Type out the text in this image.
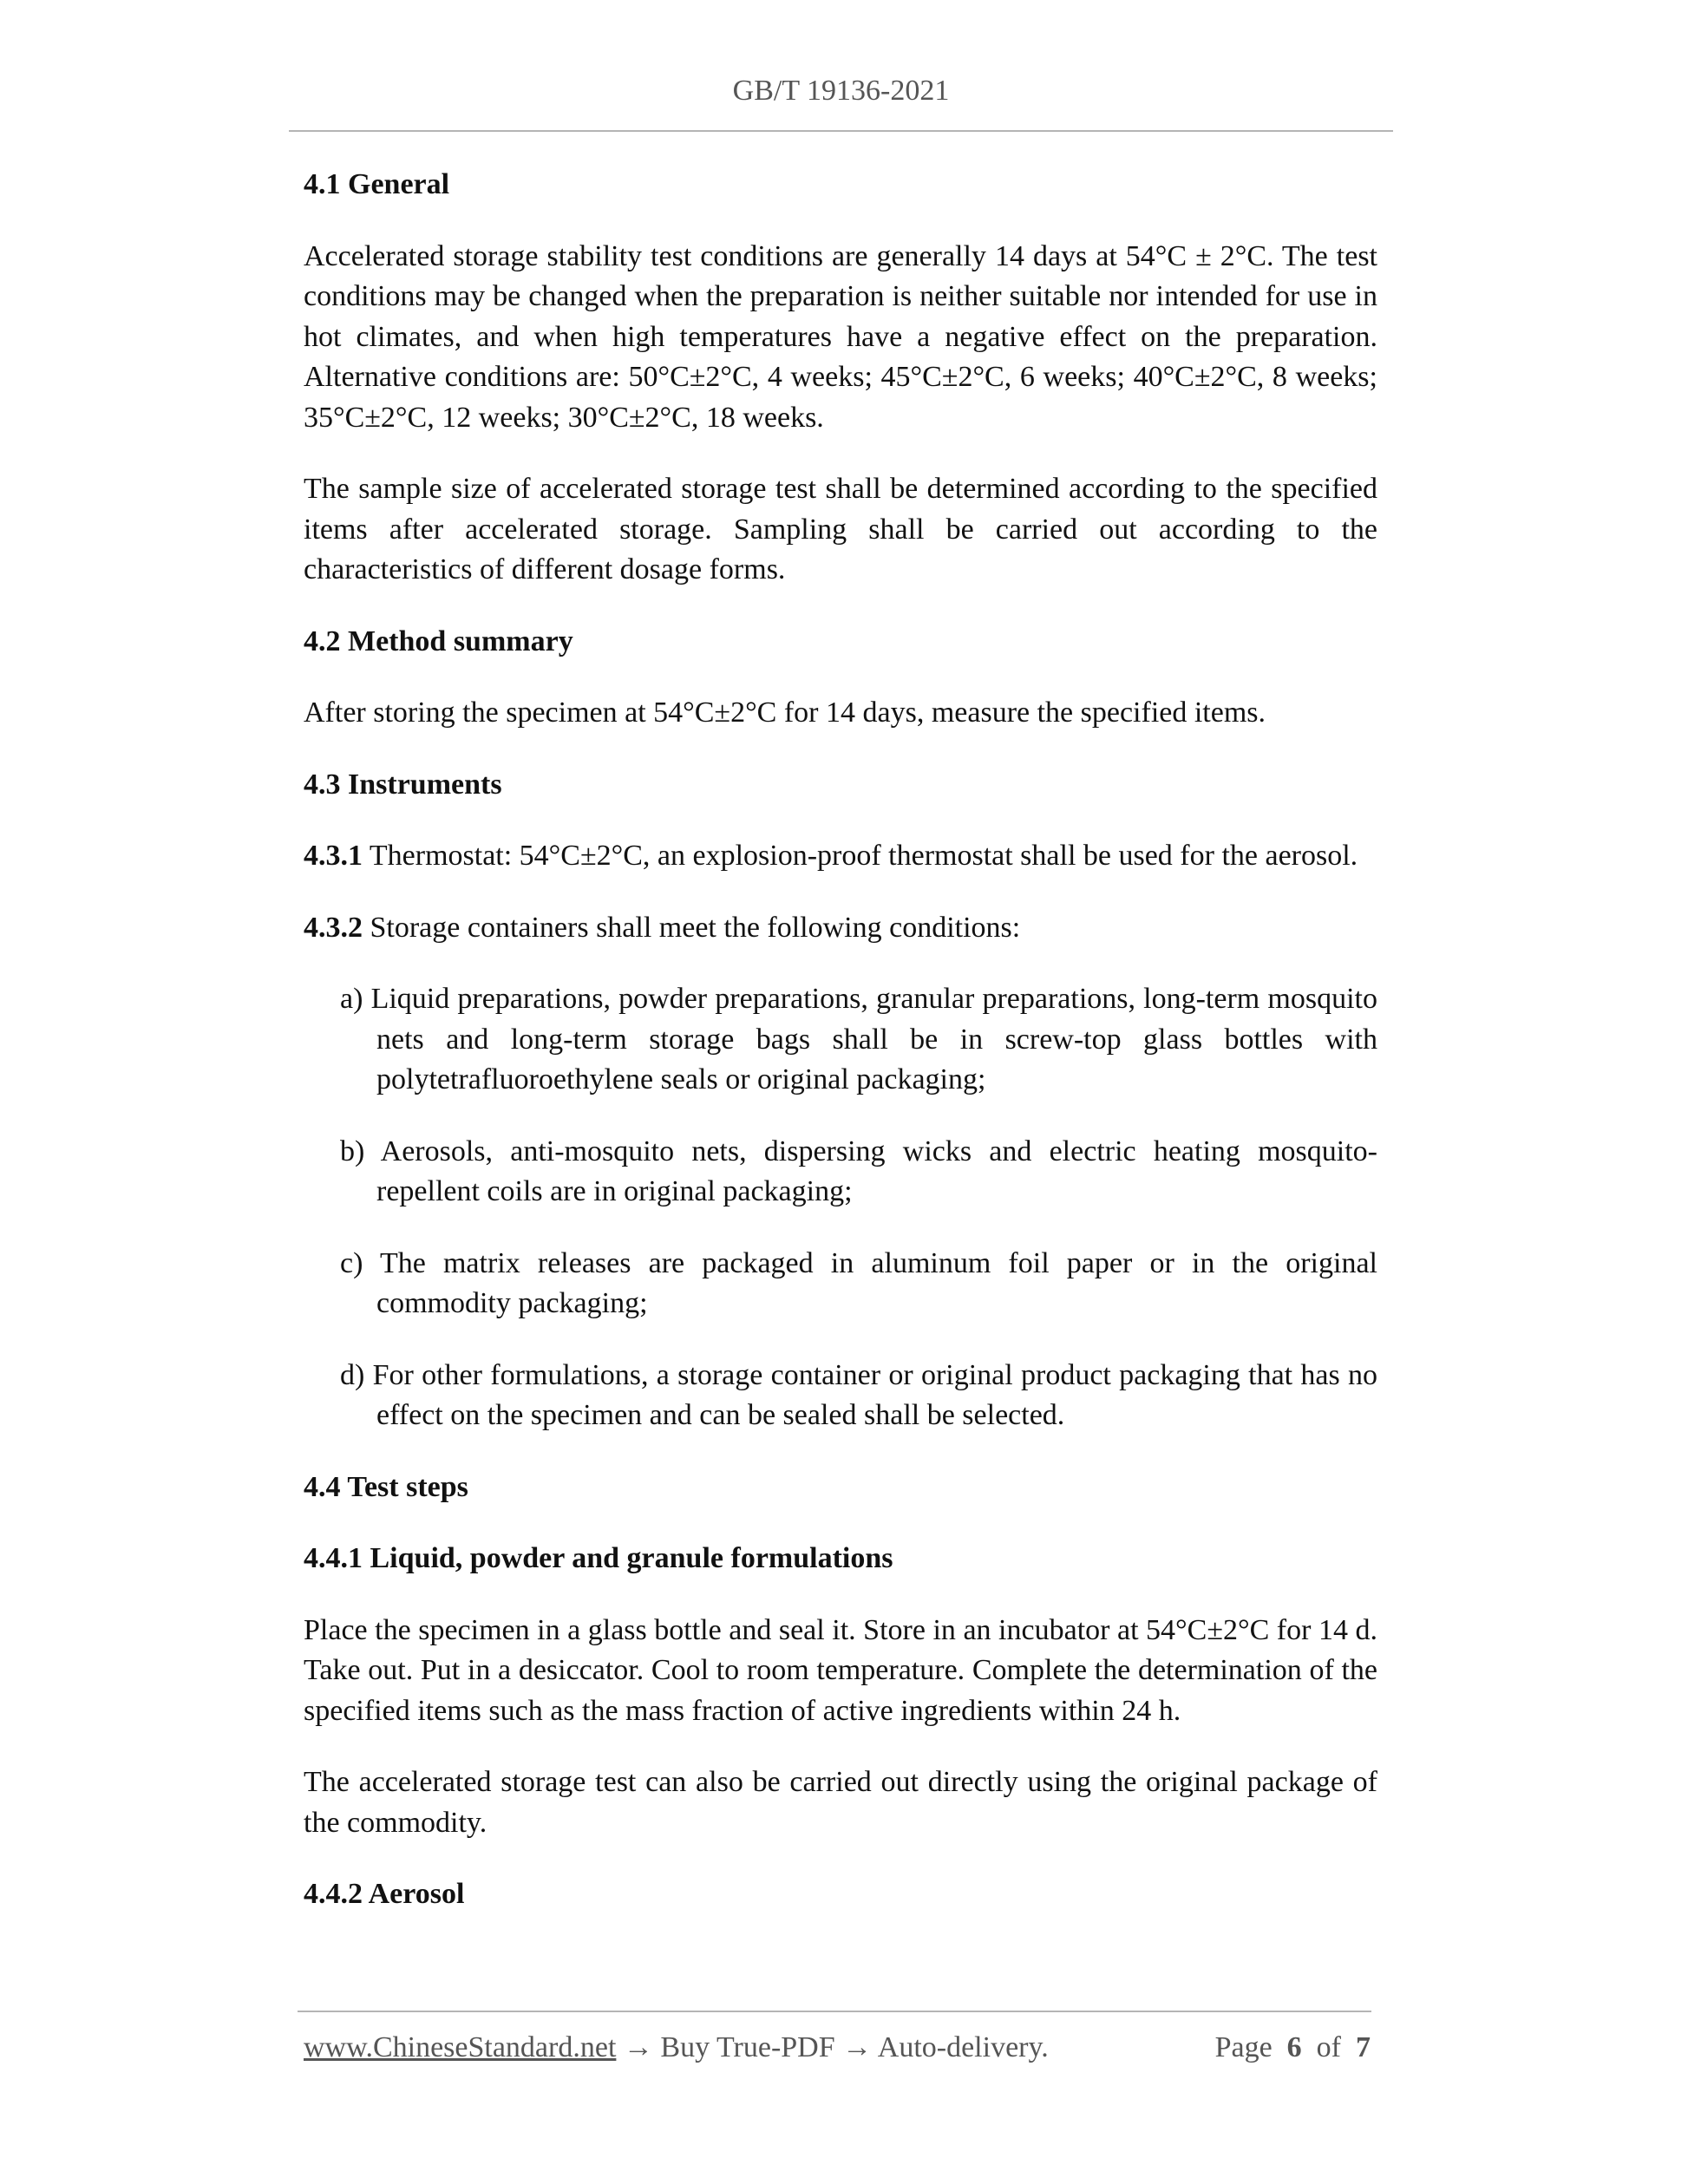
GB/T 19136-2021
4.1 General

Accelerated storage stability test conditions are generally 14 days at 54°C ± 2°C. The test conditions may be changed when the preparation is neither suitable nor intended for use in hot climates, and when high temperatures have a negative effect on the preparation. Alternative conditions are: 50°C±2°C, 4 weeks; 45°C±2°C, 6 weeks; 40°C±2°C, 8 weeks; 35°C±2°C, 12 weeks; 30°C±2°C, 18 weeks.

The sample size of accelerated storage test shall be determined according to the specified items after accelerated storage. Sampling shall be carried out according to the characteristics of different dosage forms.

4.2 Method summary

After storing the specimen at 54°C±2°C for 14 days, measure the specified items.

4.3 Instruments

4.3.1 Thermostat: 54°C±2°C, an explosion-proof thermostat shall be used for the aerosol.

4.3.2 Storage containers shall meet the following conditions:

a) Liquid preparations, powder preparations, granular preparations, long-term mosquito nets and long-term storage bags shall be in screw-top glass bottles with polytetrafluoroethylene seals or original packaging;
b) Aerosols, anti-mosquito nets, dispersing wicks and electric heating mosquito-repellent coils are in original packaging;
c) The matrix releases are packaged in aluminum foil paper or in the original commodity packaging;
d) For other formulations, a storage container or original product packaging that has no effect on the specimen and can be sealed shall be selected.
4.4 Test steps
4.4.1 Liquid, powder and granule formulations

Place the specimen in a glass bottle and seal it. Store in an incubator at 54°C±2°C for 14 d. Take out. Put in a desiccator. Cool to room temperature. Complete the determination of the specified items such as the mass fraction of active ingredients within 24 h.

The accelerated storage test can also be carried out directly using the original package of the commodity.

4.4.2 Aerosol
www.ChineseStandard.net → Buy True-PDF → Auto-delivery.	Page 6 of 7
